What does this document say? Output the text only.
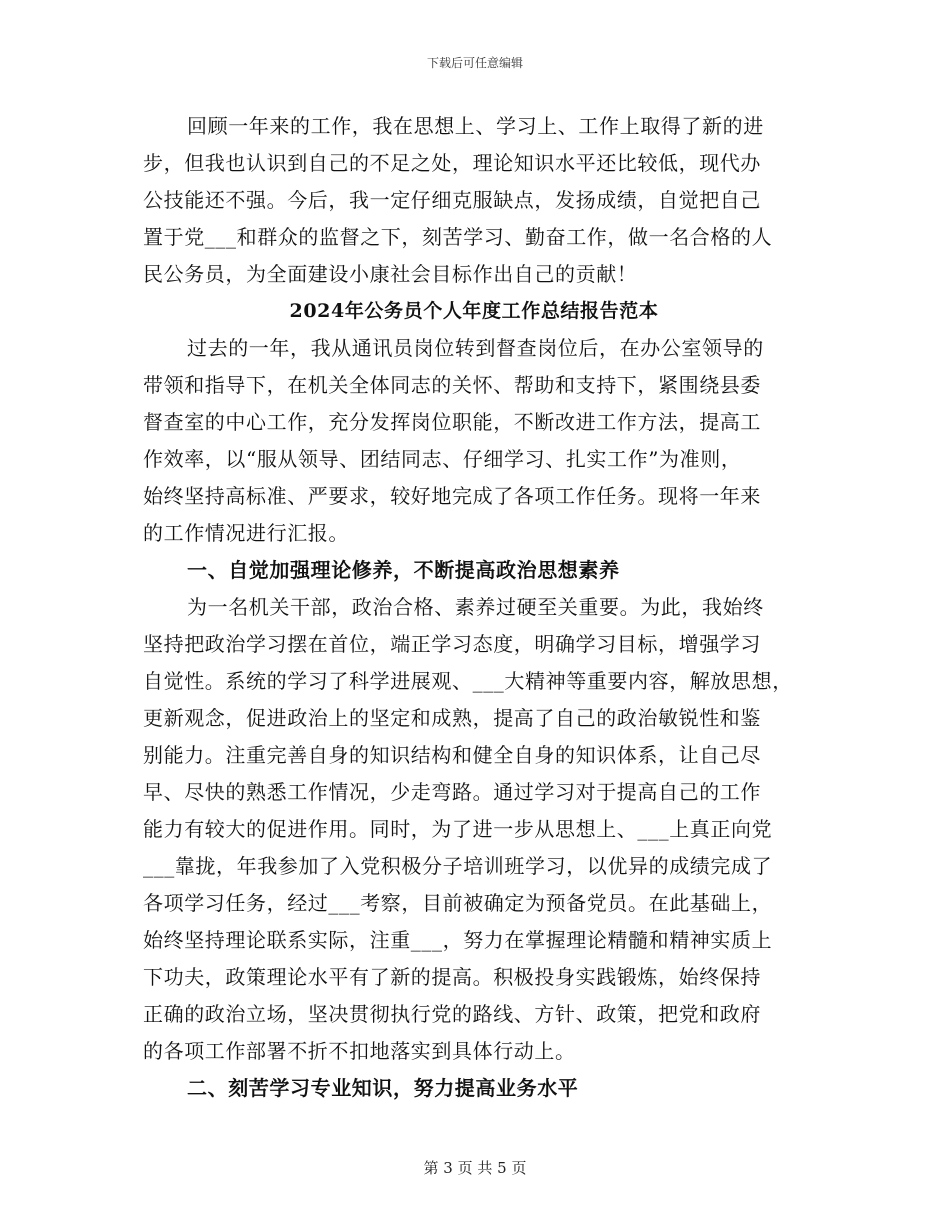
下载后可任意编辑
回顾一年来的工作，我在思想上、学习上、工作上取得了新的进
步，但我也认识到自己的不足之处，理论知识水平还比较低，现代办
公技能还不强。今后，我一定仔细克服缺点，发扬成绩，自觉把自己
置于党___和群众的监督之下，刻苦学习、勤奋工作，做一名合格的人
民公务员，为全面建设小康社会目标作出自己的贡献！
2024年公务员个人年度工作总结报告范本
过去的一年，我从通讯员岗位转到督查岗位后，在办公室领导的
带领和指导下，在机关全体同志的关怀、帮助和支持下，紧围绕县委
督查室的中心工作，充分发挥岗位职能，不断改进工作方法，提高工
作效率，以“服从领导、团结同志、仔细学习、扎实工作”为准则，
始终坚持高标准、严要求，较好地完成了各项工作任务。现将一年来
的工作情况进行汇报。
一、自觉加强理论修养，不断提高政治思想素养
为一名机关干部，政治合格、素养过硬至关重要。为此，我始终
坚持把政治学习摆在首位，端正学习态度，明确学习目标，增强学习
自觉性。系统的学习了科学进展观、___大精神等重要内容，解放思想，
更新观念，促进政治上的坚定和成熟，提高了自己的政治敏锐性和鉴
别能力。注重完善自身的知识结构和健全自身的知识体系，让自己尽
早、尽快的熟悉工作情况，少走弯路。通过学习对于提高自己的工作
能力有较大的促进作用。同时，为了进一步从思想上、___上真正向党
___靠拢，年我参加了入党积极分子培训班学习，以优异的成绩完成了
各项学习任务，经过___考察，目前被确定为预备党员。在此基础上，
始终坚持理论联系实际，注重___，努力在掌握理论精髓和精神实质上
下功夫，政策理论水平有了新的提高。积极投身实践锻炼，始终保持
正确的政治立场，坚决贯彻执行党的路线、方针、政策，把党和政府
的各项工作部署不折不扣地落实到具体行动上。
二、刻苦学习专业知识，努力提高业务水平
第 3 页 共 5 页
